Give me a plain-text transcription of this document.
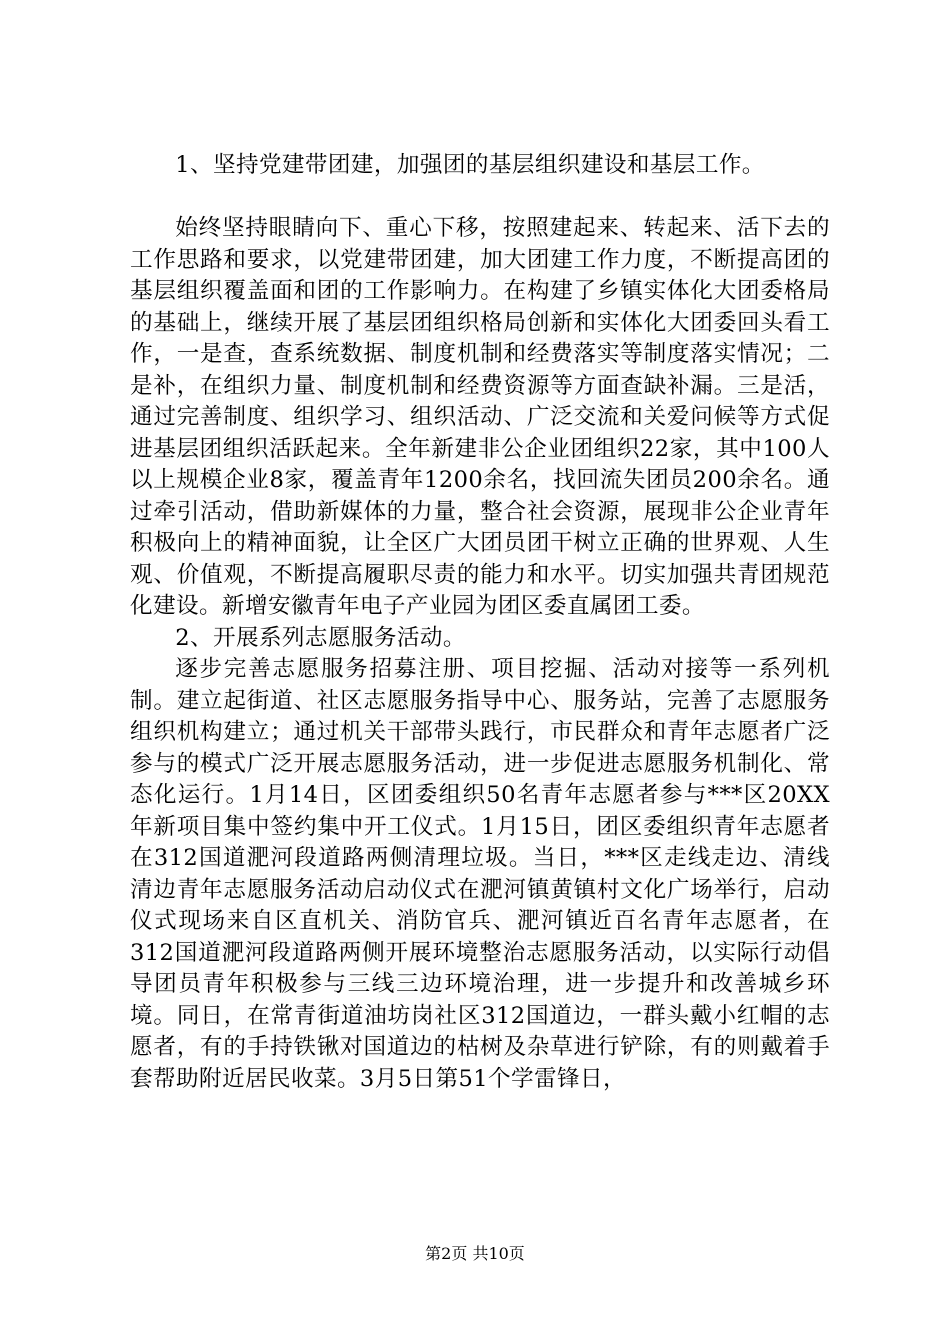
1、坚持党建带团建，加强团的基层组织建设和基层工作。

始终坚持眼睛向下、重心下移，按照建起来、转起来、活下去的工作思路和要求，以党建带团建，加大团建工作力度，不断提高团的基层组织覆盖面和团的工作影响力。在构建了乡镇实体化大团委格局的基础上，继续开展了基层团组织格局创新和实体化大团委回头看工作，一是查，查系统数据、制度机制和经费落实等制度落实情况；二是补，在组织力量、制度机制和经费资源等方面查缺补漏。三是活，通过完善制度、组织学习、组织活动、广泛交流和关爱问候等方式促进基层团组织活跃起来。全年新建非公企业团组织22家，其中100人以上规模企业8家，覆盖青年1200余名，找回流失团员200余名。通过牵引活动，借助新媒体的力量，整合社会资源，展现非公企业青年积极向上的精神面貌，让全区广大团员团干树立正确的世界观、人生观、价值观，不断提高履职尽责的能力和水平。切实加强共青团规范化建设。新增安徽青年电子产业园为团区委直属团工委。

2、开展系列志愿服务活动。

逐步完善志愿服务招募注册、项目挖掘、活动对接等一系列机制。建立起街道、社区志愿服务指导中心、服务站，完善了志愿服务组织机构建立；通过机关干部带头践行，市民群众和青年志愿者广泛参与的模式广泛开展志愿服务活动，进一步促进志愿服务机制化、常态化运行。1月14日，区团委组织50名青年志愿者参与***区20XX年新项目集中签约集中开工仪式。1月15日，团区委组织青年志愿者在312国道淝河段道路两侧清理垃圾。当日，***区走线走边、清线清边青年志愿服务活动启动仪式在淝河镇黄镇村文化广场举行，启动仪式现场来自区直机关、消防官兵、淝河镇近百名青年志愿者，在312国道淝河段道路两侧开展环境整治志愿服务活动，以实际行动倡导团员青年积极参与三线三边环境治理，进一步提升和改善城乡环境。同日，在常青街道油坊岗社区312国道边，一群头戴小红帽的志愿者，有的手持铁锹对国道边的枯树及杂草进行铲除，有的则戴着手套帮助附近居民收菜。3月5日第51个学雷锋日，

第2页 共10页
